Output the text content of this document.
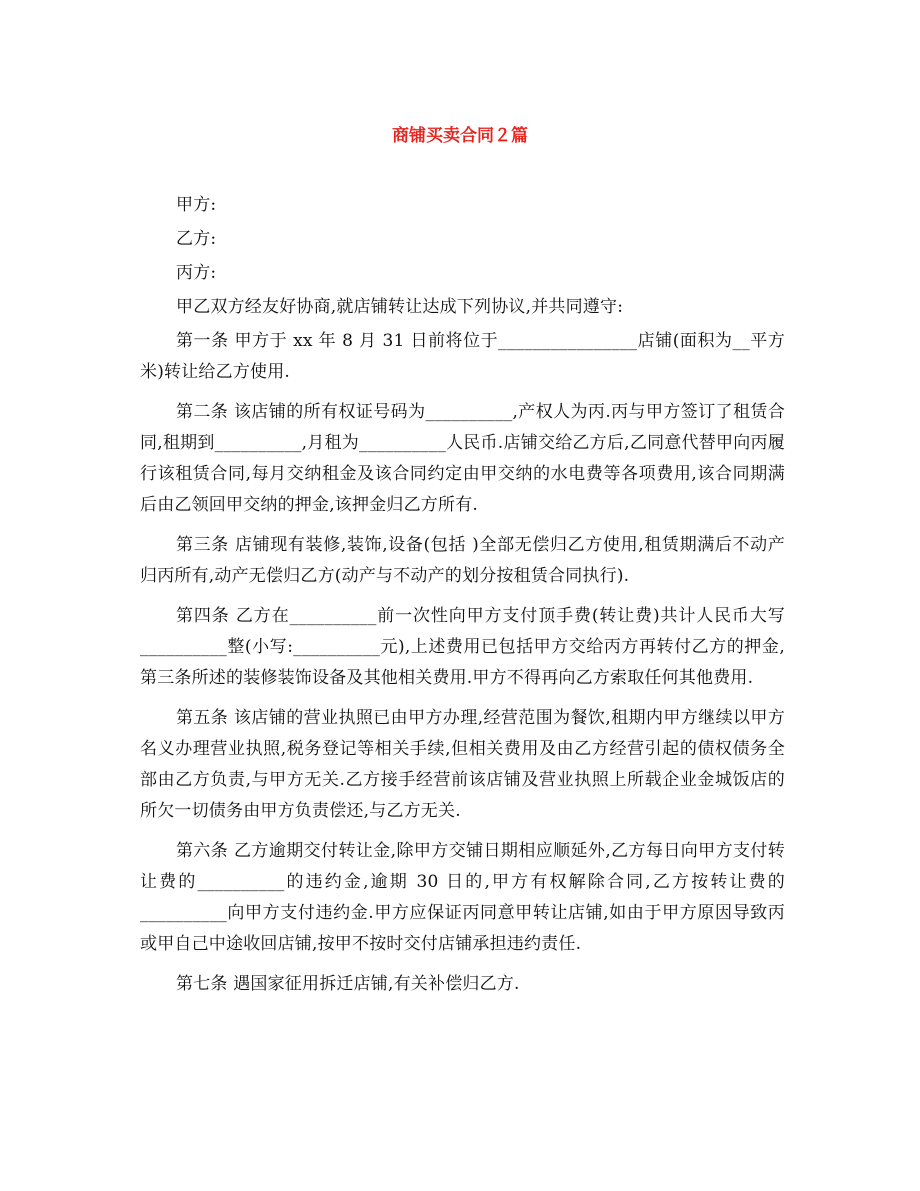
商铺买卖合同２篇

甲方:

乙方:

丙方:

甲乙双方经友好协商,就店铺转让达成下列协议,并共同遵守:

第一条 甲方于 xx 年 8 月 31 日前将位于________________店铺(面积为__平方米)转让给乙方使用.

第二条 该店铺的所有权证号码为__________,产权人为丙.丙与甲方签订了租赁合同,租期到__________,月租为__________人民币.店铺交给乙方后,乙同意代替甲向丙履行该租赁合同,每月交纳租金及该合同约定由甲交纳的水电费等各项费用,该合同期满后由乙领回甲交纳的押金,该押金归乙方所有.

第三条 店铺现有装修,装饰,设备(包括 )全部无偿归乙方使用,租赁期满后不动产归丙所有,动产无偿归乙方(动产与不动产的划分按租赁合同执行).

第四条 乙方在__________前一次性向甲方支付顶手费(转让费)共计人民币大写__________整(小写:__________元),上述费用已包括甲方交给丙方再转付乙方的押金,第三条所述的装修装饰设备及其他相关费用.甲方不得再向乙方索取任何其他费用.

第五条 该店铺的营业执照已由甲方办理,经营范围为餐饮,租期内甲方继续以甲方名义办理营业执照,税务登记等相关手续,但相关费用及由乙方经营引起的债权债务全部由乙方负责,与甲方无关.乙方接手经营前该店铺及营业执照上所载企业金城饭店的所欠一切债务由甲方负责偿还,与乙方无关.

第六条 乙方逾期交付转让金,除甲方交铺日期相应顺延外,乙方每日向甲方支付转让费的__________的违约金,逾期 30 日的,甲方有权解除合同,乙方按转让费的 __________向甲方支付违约金.甲方应保证丙同意甲转让店铺,如由于甲方原因导致丙或甲自己中途收回店铺,按甲不按时交付店铺承担违约责任.

第七条 遇国家征用拆迁店铺,有关补偿归乙方.
